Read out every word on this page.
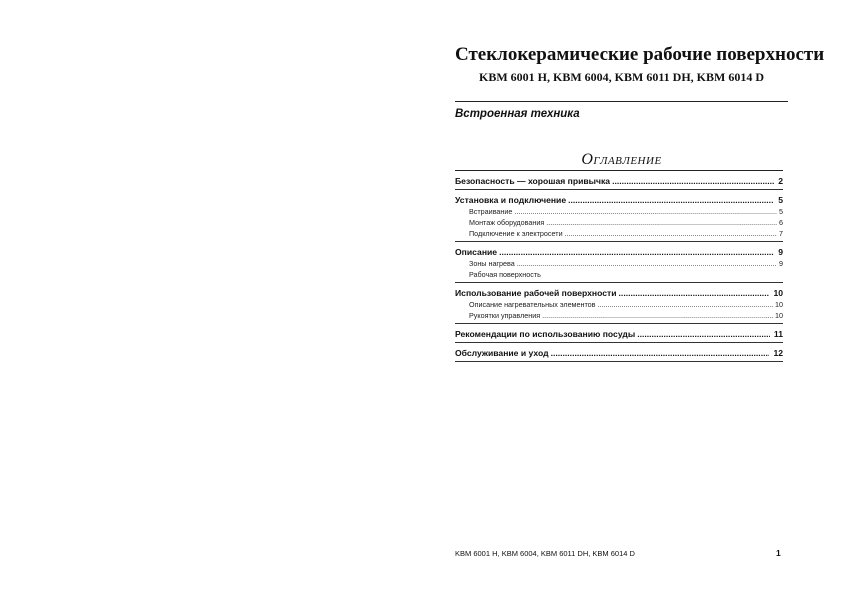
Стеклокерамические рабочие поверхности
KBM 6001 H, KBM 6004, KBM 6011 DH, KBM 6014 D
Встроенная техника
Оглавление
Безопасность — хорошая привычка .....	2
Установка и подключение .....	5
Встраивание .....	5
Монтаж оборудования .....	6
Подключение к электросети .....	7
Описание .....	9
Зоны нагрева .....	9
Рабочая поверхность
Использование рабочей поверхности .....	10
Описание нагревательных элементов .....	10
Рукоятки управления .....	10
Рекомендации по использованию посуды .....	11
Обслуживание и уход .....	12
KBM 6001 H, KBM 6004, KBM 6011 DH, KBM 6014 D	1
